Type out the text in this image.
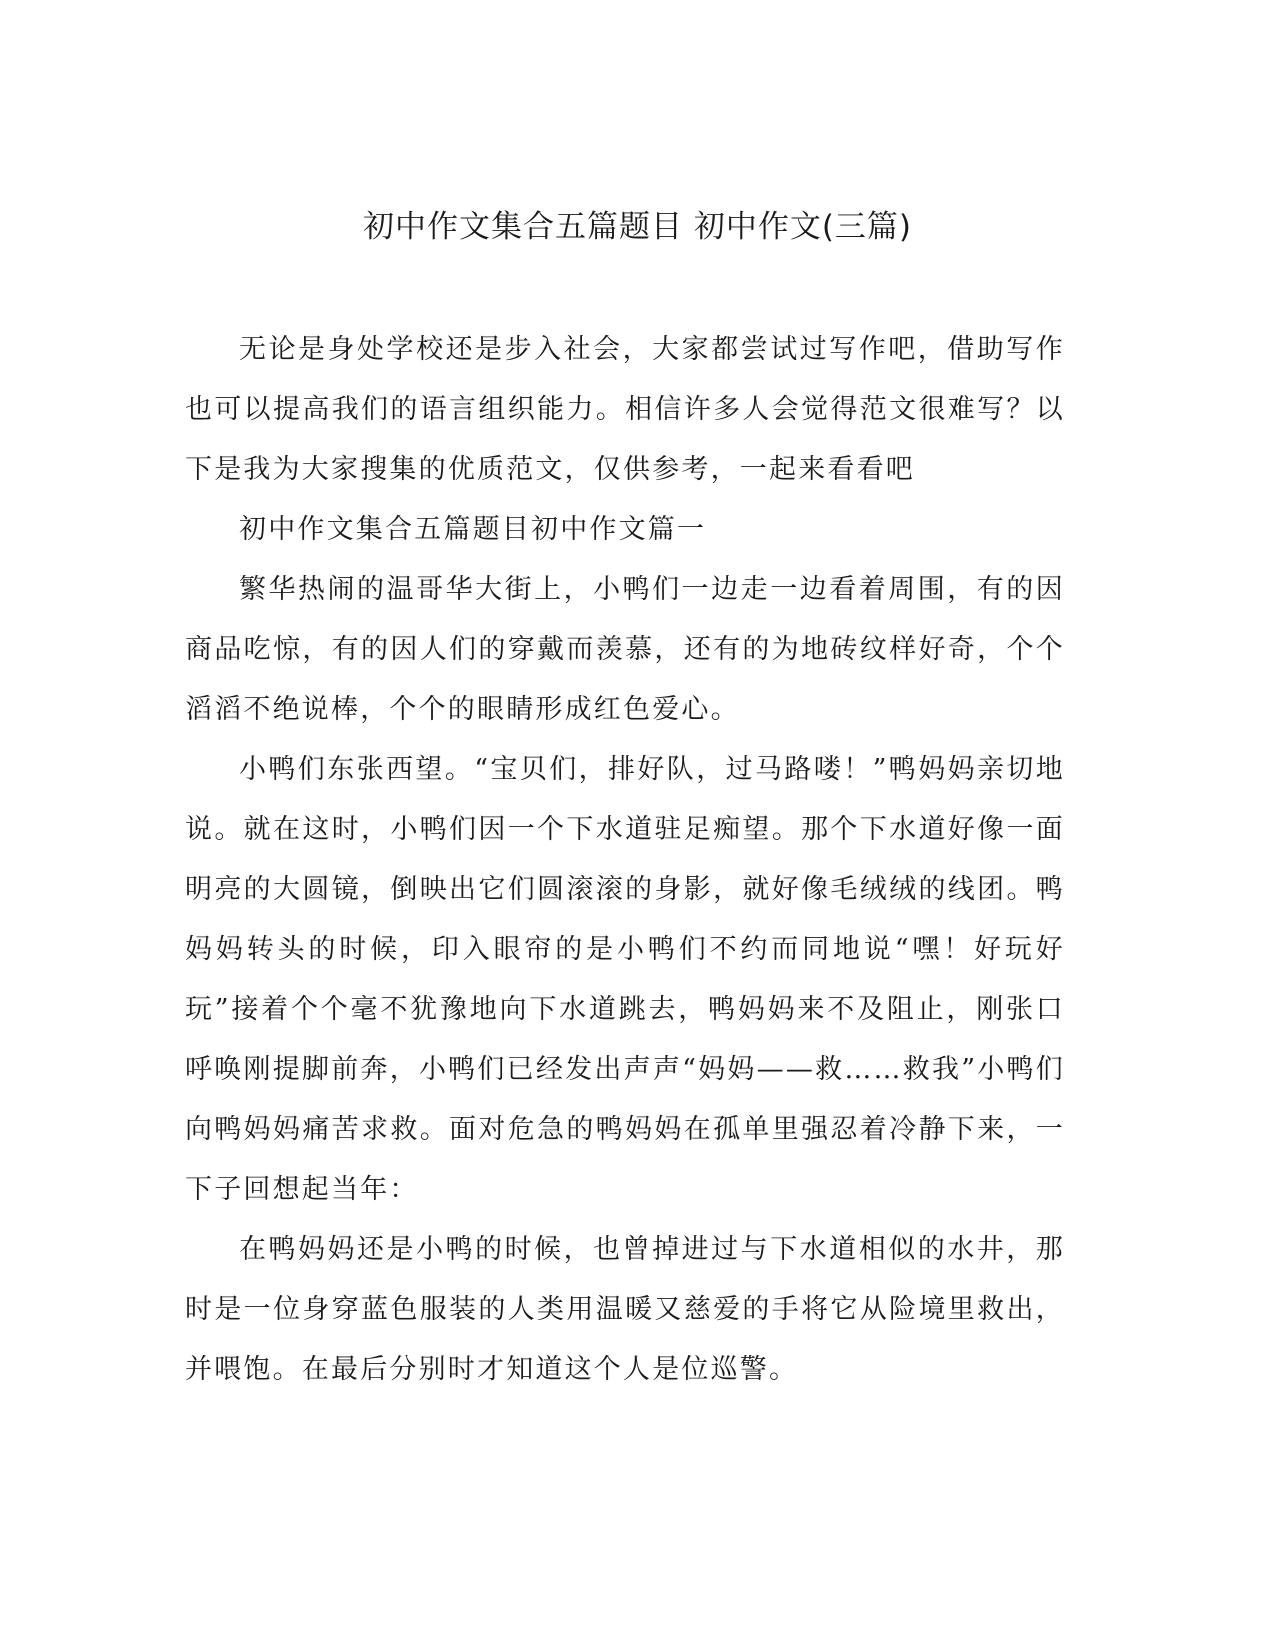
初中作文集合五篇题目 初中作文(三篇)

无论是身处学校还是步入社会，大家都尝试过写作吧，借助写作也可以提高我们的语言组织能力。相信许多人会觉得范文很难写？以下是我为大家搜集的优质范文，仅供参考，一起来看看吧

初中作文集合五篇题目初中作文篇一

繁华热闹的温哥华大街上，小鸭们一边走一边看着周围，有的因商品吃惊，有的因人们的穿戴而羡慕，还有的为地砖纹样好奇，个个滔滔不绝说棒，个个的眼睛形成红色爱心。

小鸭们东张西望。“宝贝们，排好队，过马路喽！”鸭妈妈亲切地说。就在这时，小鸭们因一个下水道驻足痴望。那个下水道好像一面明亮的大圆镜，倒映出它们圆滚滚的身影，就好像毛绒绒的线团。鸭妈妈转头的时候，印入眼帘的是小鸭们不约而同地说“嘿！好玩好玩”接着个个毫不犹豫地向下水道跳去，鸭妈妈来不及阻止，刚张口呼唤刚提脚前奔，小鸭们已经发出声声“妈妈——救……救我”小鸭们向鸭妈妈痛苦求救。面对危急的鸭妈妈在孤单里强忍着冷静下来，一下子回想起当年：

在鸭妈妈还是小鸭的时候，也曾掉进过与下水道相似的水井，那时是一位身穿蓝色服装的人类用温暖又慈爱的手将它从险境里救出，并喂饱。在最后分别时才知道这个人是位巡警。
